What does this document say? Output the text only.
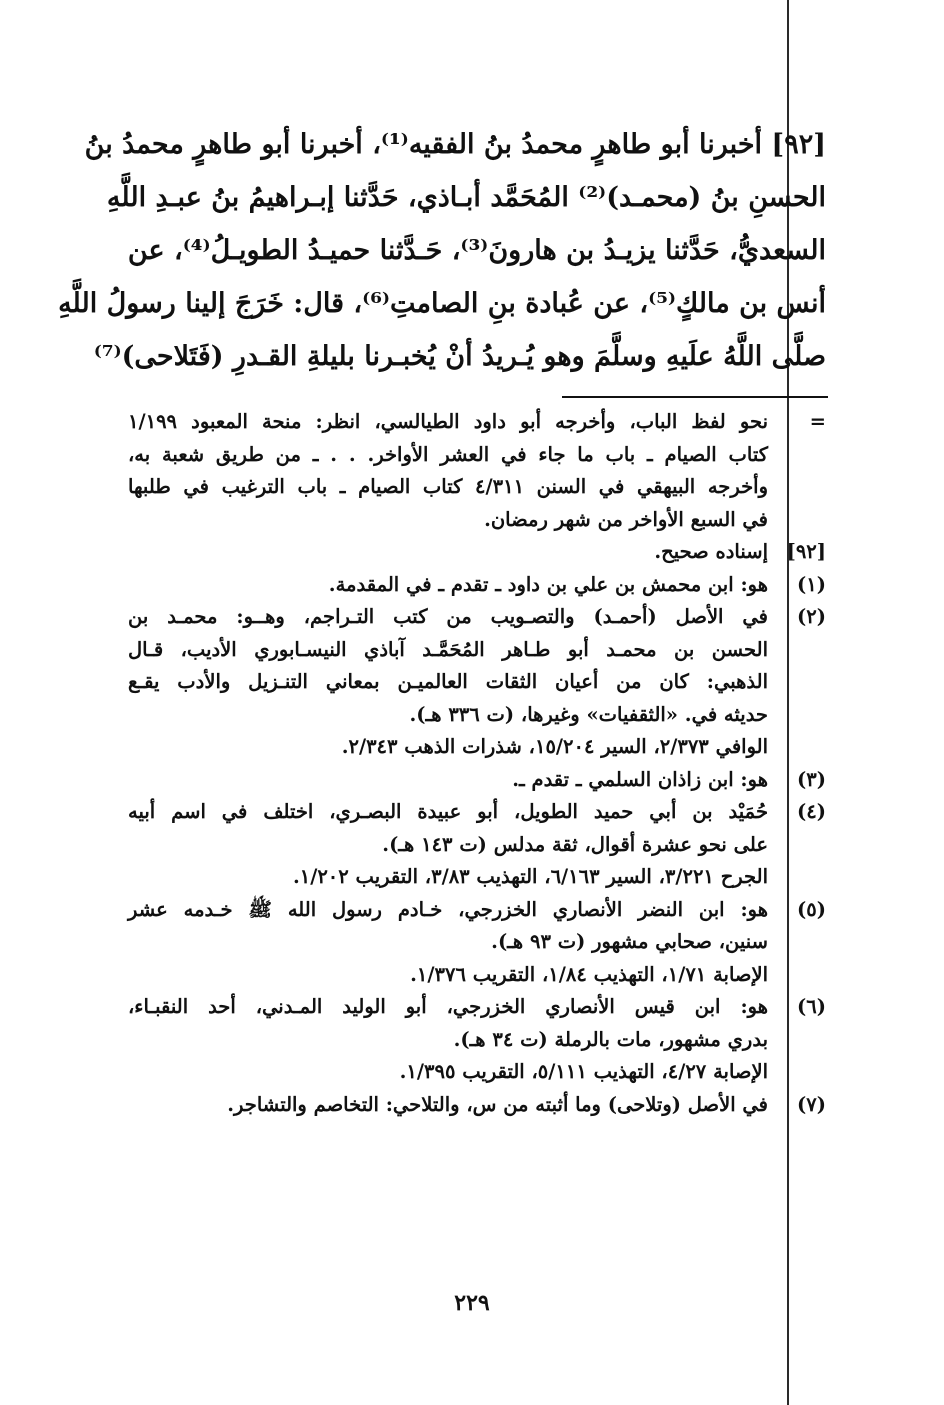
[٩٢] أخبرنا أبو طاهرٍ محمدُ بنُ الفقيه⁽¹⁾، أخبرنا أبو طاهرٍ محمدُ بنُ
الحسنِ بنُ (محمـد)⁽²⁾ المُحَمَّد أبـاذي، حَدَّثنا إبـراهيمُ بنُ عبـدِ اللَّهِ
السعديُّ، حَدَّثنا يزيـدُ بن هارونَ⁽³⁾، حَـدَّثنا حميـدُ الطويـلُ⁽⁴⁾، عن
أنس بن مالكٍ⁽⁵⁾، عن عُبادة بنِ الصامتِ⁽⁶⁾، قال: خَرَجَ إلينا رسولُ اللَّهِ
صلَّى اللَّهُ علَيهِ وسلَّمَ وهو يُـريدُ أنْ يُخبـرنا بليلةِ القـدرِ (فَتَلاحى)⁽⁷⁾
=
نحو لفظ الباب، وأخرجه أبو داود الطيالسي، انظر: منحة المعبود ١/١٩٩
كتاب الصيام ـ باب ما جاء في العشر الأواخر. . . ـ من طريق شعبة به،
وأخرجه البيهقي في السنن ٤/٣١١ كتاب الصيام ـ باب الترغيب في طلبها
في السبع الأواخر من شهر رمضان.
[٩٢]
إسناده صحيح.
(١)
هو: ابن محمش بن علي بن داود ـ تقدم ـ في المقدمة.
(٢)
في الأصل (أحمـد) والتصـويب من كتب التـراجم، وهــو: محمـد بن
الحسن بن محمـد أبو طـاهر المُحَمَّـد آباذي النيسـابوري الأديب، قـال
الذهبي: كان من أعيان الثقات العالميـن بمعاني التنـزيل والأدب يقـع
حديثه في. «الثقفيات» وغيرها، (ت ٣٣٦ هـ).
الوافي ٢/٣٧٣، السير ١٥/٢٠٤، شذرات الذهب ٢/٣٤٣.
(٣)
هو: ابن زاذان السلمي ـ تقدم ـ.
(٤)
حُمَيْد بن أبي حميد الطويل، أبو عبيدة البصـري، اختلف في اسم أبيه
على نحو عشرة أقوال، ثقة مدلس (ت ١٤٣ هـ).
الجرح ٣/٢٢١، السير ٦/١٦٣، التهذيب ٣/٨٣، التقريب ١/٢٠٢.
(٥)
هو: ابن النضر الأنصاري الخزرجي، خـادم رسول الله ﷺ خـدمه عشر
سنين، صحابي مشهور (ت ٩٣ هـ).
الإصابة ١/٧١، التهذيب ١/٨٤، التقريب ١/٣٧٦.
(٦)
هو: ابن قيس الأنصاري الخزرجي، أبو الوليد المـدني، أحد النقبـاء،
بدري مشهور، مات بالرملة (ت ٣٤ هـ).
الإصابة ٤/٢٧، التهذيب ٥/١١١، التقريب ١/٣٩٥.
(٧)
في الأصل (وتلاحى) وما أثبته من س، والتلاحي: التخاصم والتشاجر.
٢٢٩
